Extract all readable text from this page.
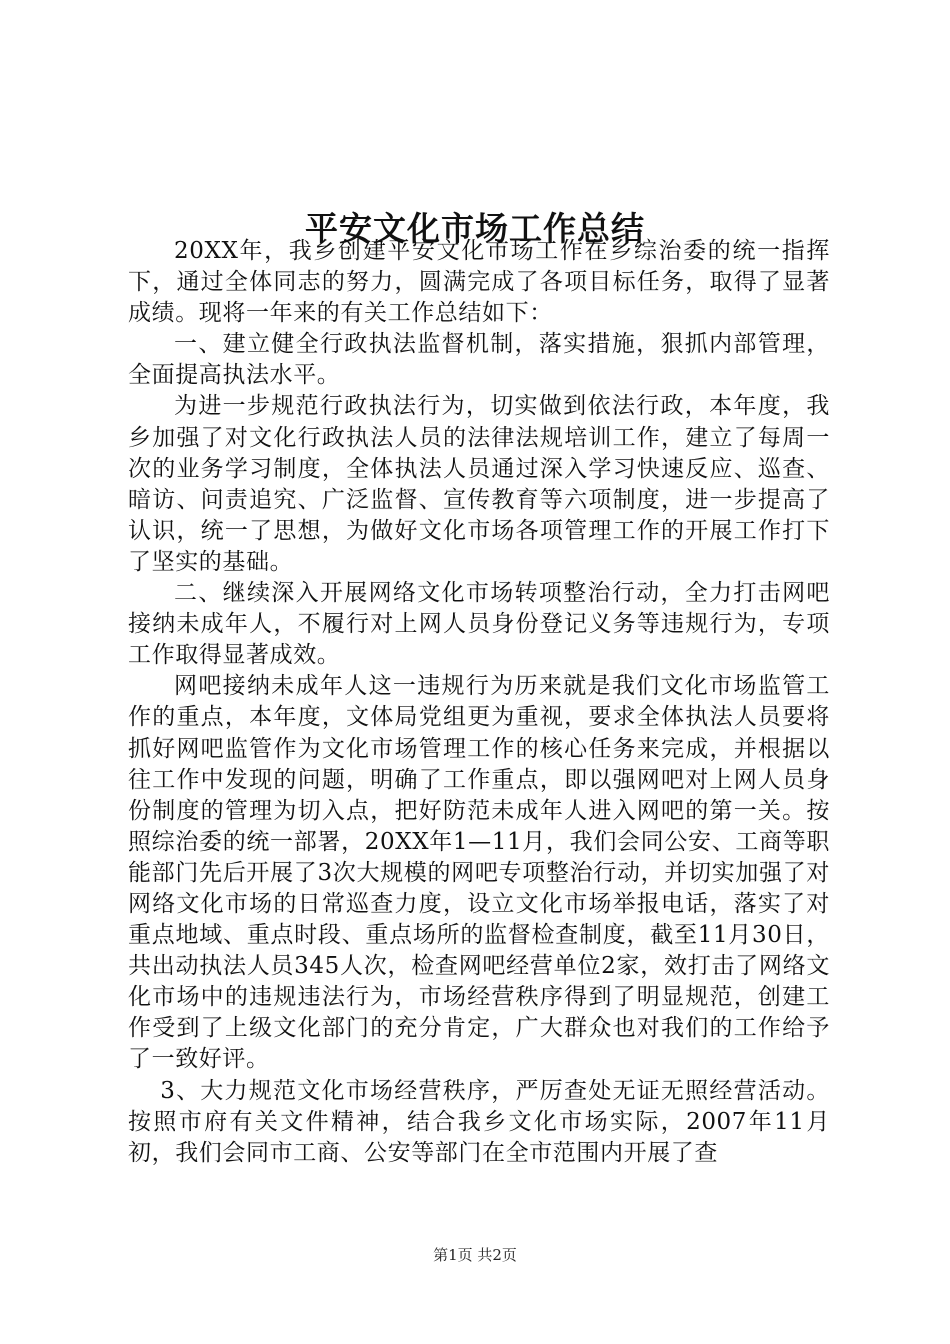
平安文化市场工作总结

20XX年，我乡创建平安文化市场工作在乡综治委的统一指挥下，通过全体同志的努力，圆满完成了各项目标任务，取得了显著成绩。现将一年来的有关工作总结如下：

一、建立健全行政执法监督机制，落实措施，狠抓内部管理，全面提高执法水平。

为进一步规范行政执法行为，切实做到依法行政，本年度，我乡加强了对文化行政执法人员的法律法规培训工作，建立了每周一次的业务学习制度，全体执法人员通过深入学习快速反应、巡查、暗访、问责追究、广泛监督、宣传教育等六项制度，进一步提高了认识，统一了思想，为做好文化市场各项管理工作的开展工作打下了坚实的基础。

二、继续深入开展网络文化市场转项整治行动，全力打击网吧接纳未成年人，不履行对上网人员身份登记义务等违规行为，专项工作取得显著成效。

网吧接纳未成年人这一违规行为历来就是我们文化市场监管工作的重点，本年度，文体局党组更为重视，要求全体执法人员要将抓好网吧监管作为文化市场管理工作的核心任务来完成，并根据以往工作中发现的问题，明确了工作重点，即以强网吧对上网人员身份制度的管理为切入点，把好防范未成年人进入网吧的第一关。按照综治委的统一部署，20XX年1—11月，我们会同公安、工商等职能部门先后开展了3次大规模的网吧专项整治行动，并切实加强了对网络文化市场的日常巡查力度，设立文化市场举报电话，落实了对重点地域、重点时段、重点场所的监督检查制度，截至11月30日，共出动执法人员345人次，检查网吧经营单位2家，效打击了网络文化市场中的违规违法行为，市场经营秩序得到了明显规范，创建工作受到了上级文化部门的充分肯定，广大群众也对我们的工作给予了一致好评。

3、大力规范文化市场经营秩序，严厉查处无证无照经营活动。按照市府有关文件精神，结合我乡文化市场实际，2007年11月初，我们会同市工商、公安等部门在全市范围内开展了查

第1页 共2页
